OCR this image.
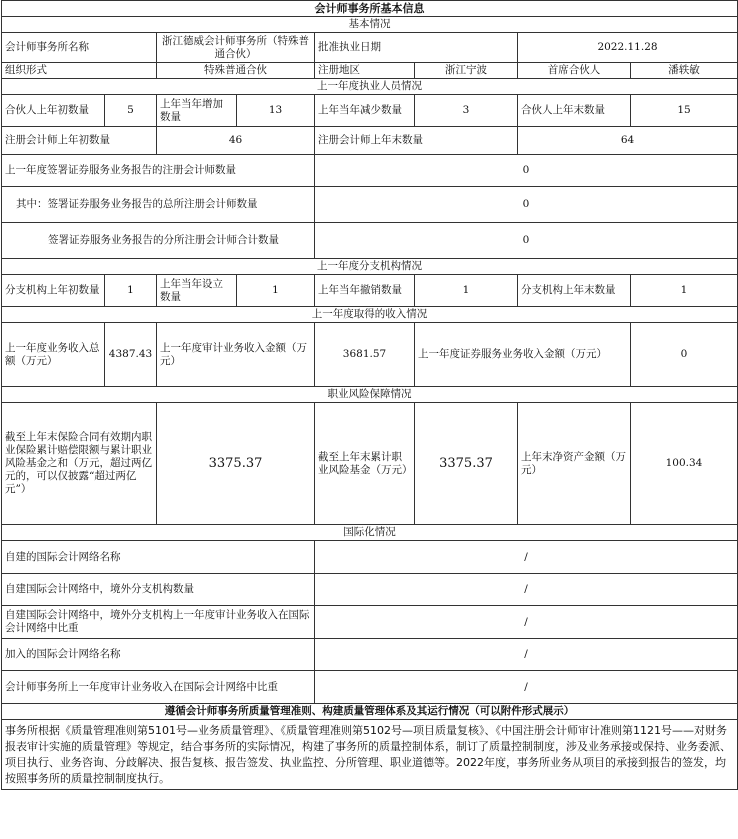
会计师事务所基本信息							
基本情况							
会计师事务所名称		浙江德威会计师事务所（特殊普通合伙）		批准执业日期		2022.11.28	
组织形式		特殊普通合伙		注册地区	浙江宁波	首席合伙人	潘轶敏
上一年度执业人员情况							
合伙人上年初数量	5	上年当年增加数量	13	上年当年减少数量	3	合伙人上年末数量	15
注册会计师上年初数量		46		注册会计师上年末数量		64	
上一年度签署证券服务业务报告的注册会计师数量				0			
其中：签署证券服务业务报告的总所注册会计师数量				0			
签署证券服务业务报告的分所注册会计师合计数量				0			
上一年度分支机构情况							
分支机构上年初数量	1	上年当年设立数量	1	上年当年撤销数量	1	分支机构上年末数量	1
上一年度取得的收入情况							
上一年度业务收入总额（万元）	4387.43	上一年度审计业务收入金额（万元）		3681.57	上一年度证券服务业务收入金额（万元）		0
职业风险保障情况							
截至上年末保险合同有效期内职业保险累计赔偿限额与累计职业风险基金之和（万元，超过两亿元的，可以仅披露“超过两亿元”）		3375.37		截至上年末累计职业风险基金（万元）	3375.37	上年末净资产金额（万元）	100.34
国际化情况							
自建的国际会计网络名称				/			
自建国际会计网络中，境外分支机构数量				/			
自建国际会计网络中，境外分支机构上一年度审计业务收入在国际会计网络中比重				/			
加入的国际会计网络名称				/			
会计师事务所上一年度审计业务收入在国际会计网络中比重				/			
遵循会计师事务所质量管理准则、构建质量管理体系及其运行情况（可以附件形式展示）							
事务所根据《质量管理准则第5101号—业务质量管理》、《质量管理准则第5102号—项目质量复核》、《中国注册会计师审计准则第1121号——对财务报表审计实施的质量管理》等规定，结合事务所的实际情况，构建了事务所的质量控制体系，制订了质量控制制度，涉及业务承接或保持、业务委派、项目执行、业务咨询、分歧解决、报告复核、报告签发、执业监控、分所管理、职业道德等。2022年度，事务所业务从项目的承接到报告的签发，均按照事务所的质量控制制度执行。							
